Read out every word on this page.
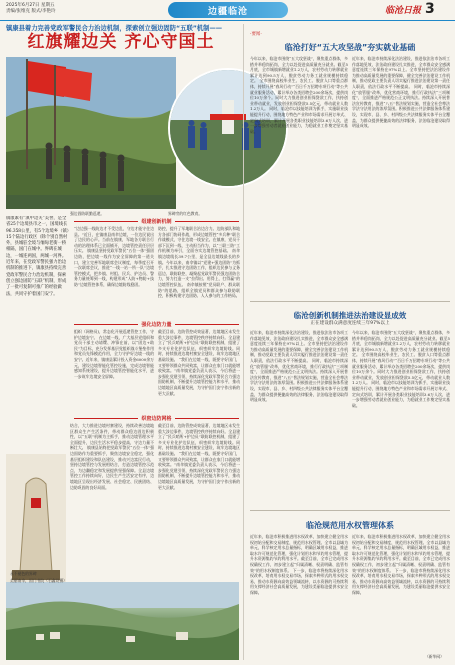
2025年6月27日 星期五
责编/张维克 版式/李艳玲	边疆临沧	临沧日报 3
镇康县着力完善党政军警民合力治边机制，探索创立强边固防“五联”机制——
红旗耀边关 齐心守国土
强边固防联勤巡逻。	界碑旁的红色教育。
镇康素有“滇中边关”美誉，是全省25个边境县市之一，国境线长96.358公里，有5个边境乡（镇）15个陆边行政区（除个别自然村外，县城驻全境与缅甸老街一桥相隔，国门在城中。界碑在城边，一城连两国，两城一河界。
近年来，在党政军警民强力治边机制的推进下，镇康县持续完善党政军警民合力治边机制，探索创立强边固防“五联”机制，形成了一批可复制可推广的经验做法，共同守护着国门安宁。
组建创新机制
“边边强一线防边才不受边乱，守边才能守住边县。”近日，在镇康县南伞边境，一位边民说出了边民的心声。当前在镇康，军地各方联合行动的治理体系已全面铺开，边境管控责任层层压实。 镇康县坚持党政军警民“五位一体”强固边防，把边境一线作为安全屏障的第一道关口，建立完善军地联席会议制度，每季度召开一次联席会议，推进“一线一站一所一队”边境管控模式，把乡镇、村组、民兵、护边员、警务力量统筹到一线，构建形成“人防+物防+技防”边境管控体系，确保边境防线稳固。
防控，提升了军地联合治边合力。边防部队和地方各部门协同作战，形成边境管控“多兵种”联合作战模式，守住边境一线安全。在镇康，党员干部下沉到一线、主动担当作为，以“三联三防”工作机制为牵引，全面夯实边境管控基础。 南伞镇边境线长39.7公里，是全县边境线最长的乡镇。今年以来，南伞镇以“党建+强边固防”为抓手，扎实推进守边固防工作，组织边民参与义务巡边、联防联控，凝聚起党政军警民强边固防合力，努力打造一支“拉得出、用得上、打得赢”的边境管控队伍。 南伞镇按照“党员联户、群众联防”的思路，组织全镇党员和群众参与联防联控，积极构建守边固防、人人参与的工作格局。
强化边防力量
组织（网格员)，常态化开展巡逻管控工作，守护边境安宁。 在边境一线，广大基层党组织和党员干部主动请缨、冲锋在前，以“固边+助民”为目标，充分发挥基层党组织战斗堡垒作用和党员先锋模范作用，全力守护好边境一线的安宁。近年来，镇康县累计投入资金6000余万元，建设边境智能化管控设施，完成边境智能感知系统建设，提升边境管控智能化水平，进一步筑牢边境安全屏障。
截至目前，边防管控成效显著，边境地区未发生重大涉边事件，边境管控秩序持续向好。全县建立了“民兵哨所+护边员”联防联控机制，组建了多支专业化护边队伍，织密织牢边境防线。同时，持续推进边境村寨安全建设，筑牢边境地区基础设施。 “我们在边境一线，既要守好国门，又要带领群众共同致富，让群众在家门口就能增收致富。”南伞镇党委负责人表示，今后将进一步强化党建引领，持续深化党政军警民合力强边固防机制，不断提升边境管控能力和水平，推动边境地区高质量发展，为守护国门安宁作出新的更大贡献。
织密边防网格
结合，大力推进边境村寨建设，持续改善边境地区群众生产生活条件，带动群众稳边固边积极性，以“五联”机制为主抓手，推动边境管理水平全面提升，边民生活水平稳步提高，守边力量不断壮大。 镇康县始终把党政军警民“五位一体”强边固防作为重要抓手，聚焦边境安全稳定，强化基层组织建设和队伍建设，推动兴边富民行动，坚持边境管控与发展相结合，打造边境管控示范点，为边疆稳定和发展提供坚强保障。全县边境管控工作持续向好，边民生产生活安定有序，边境地区呈现出经济发展、社会稳定、民族团结、边防巩固的良好局面。
截至目前，边防管控成效显著，边境地区未发生重大涉边事件，边境管控秩序持续向好。全县建立了“民兵哨所+护边员”联防联控机制，组建了多支专业化护边队伍，织密织牢边境防线。同时，持续推进边境村寨安全建设，筑牢边境地区基础设施。 “我们在边境一线，既要守好国门，又要带领群众共同致富，让群众在家门口就能增收致富。”南伞镇党委负责人表示，今后将进一步强化党建引领，持续深化党政军警民合力强边固防机制，不断提升边境管控能力和水平，推动边境地区高质量发展，为守护国门安宁作出新的更大贡献。
永不褪色的界碑
美丽南伞，国门书院（石鑫设摄）
·要闻·
临沧打好“五大攻坚战”夯实就业基础
今年以来，临沧市围绕“五大攻坚战”，聚焦重点群体，多措并举稳岗拓岗，全力以赴促进高质量充分就业。截至5月底，全市城镇新增就业1.2万人，农村劳动力转移就业累计达到90.5万人，脱贫劳动力务工就业规模持续稳定。 全市围绕高校毕业生、农民工、脱贫人口等重点群体，持续开展“春风行动”“百日千万招聘专项行动”等公共就业服务活动，累计举办各类招聘会200余场次，提供岗位10万余个。同时大力推进创业担保贷款工作，扶持创业带动就业，发放创业担保贷款5.5亿元，带动就业人数1.2万人。 同时，临沧市以技能培训为抓手，实施职业技能提升行动，围绕地方特色产业和市场需求开展订单式、定向式培训，累计开展各类职业技能培训3.6万人次，进一步增强劳动者就业创业能力，为稳就业工作奠定坚实基础。
近年来，临沧市持续深化法治建设，推进依法治市各项工作落地见效，法治政府建设扎实推进，全市群众安全感满意度连续三年保持在97%以上。全市坚持把法治建设作为推动高质量发展的重要保障，健全完善法治建设工作机制，推动党政主要负责人切实履行推进法治建设第一责任人职责，依法行政水平不断提高。 同时，临沧市持续深化“放管服”改革，优化营商环境，推行行政执法“三项制度”，全面推进严格规范公正文明执法。持续深入开展普法宣传教育，推进“八五”普法规划实施，营造全社会尊法学法守法用法的浓厚氛围。积极推进公共法律服务体系建设，实现市、县、乡、村四级公共法律服务实体平台全覆盖，为群众提供便捷高效的法律服务，法治临沧建设取得明显成效。
临沧创新机制推进法治建设显成效
正在建设群众满意度连续三年97%以上
近年来，临沧市持续深化法治建设，推进依法治市各项工作落地见效，法治政府建设扎实推进，全市群众安全感满意度连续三年保持在97%以上。全市坚持把法治建设作为推动高质量发展的重要保障，健全完善法治建设工作机制，推动党政主要负责人切实履行推进法治建设第一责任人职责，依法行政水平不断提高。 同时，临沧市持续深化“放管服”改革，优化营商环境，推行行政执法“三项制度”，全面推进严格规范公正文明执法。持续深入开展普法宣传教育，推进“八五”普法规划实施，营造全社会尊法学法守法用法的浓厚氛围。积极推进公共法律服务体系建设，实现市、县、乡、村四级公共法律服务实体平台全覆盖，为群众提供便捷高效的法律服务，法治临沧建设取得明显成效。
今年以来，临沧市围绕“五大攻坚战”，聚焦重点群体，多措并举稳岗拓岗，全力以赴促进高质量充分就业。截至5月底，全市城镇新增就业1.2万人，农村劳动力转移就业累计达到90.5万人，脱贫劳动力务工就业规模持续稳定。 全市围绕高校毕业生、农民工、脱贫人口等重点群体，持续开展“春风行动”“百日千万招聘专项行动”等公共就业服务活动，累计举办各类招聘会200余场次，提供岗位10万余个。同时大力推进创业担保贷款工作，扶持创业带动就业，发放创业担保贷款5.5亿元，带动就业人数1.2万人。 同时，临沧市以技能培训为抓手，实施职业技能提升行动，围绕地方特色产业和市场需求开展订单式、定向式培训，累计开展各类职业技能培训3.6万人次，进一步增强劳动者就业创业能力，为稳就业工作奠定坚实基础。
临沧规范用水权管理体系
近年来，临沧市积极推进用水权改革，加快建立健全用水权初始分配和交易制度，规范用水权管理。全市以县域为单元，科学核定用水总量指标，明确区域用水权益，推进取水许可规范化管理，强化计划用水和节约用水管理，提升水资源集约节约利用水平。截至目前，全市已完成用水权确权工作，初步建立起“归属清晰、权责明确、监管有效”的用水权制度体系。 下一步，临沧市将持续深化用水权改革，培育用水权交易市场，探索多种形式的用水权交易，推动水资源向高效益领域流转，以水资源的可持续利用支撑经济社会高质量发展，为建设美丽临沧提供水安全保障。
近年来，临沧市积极推进用水权改革，加快建立健全用水权初始分配和交易制度，规范用水权管理。全市以县域为单元，科学核定用水总量指标，明确区域用水权益，推进取水许可规范化管理，强化计划用水和节约用水管理，提升水资源集约节约利用水平。截至目前，全市已完成用水权确权工作，初步建立起“归属清晰、权责明确、监管有效”的用水权制度体系。 下一步，临沧市将持续深化用水权改革，培育用水权交易市场，探索多种形式的用水权交易，推动水资源向高效益领域流转，以水资源的可持续利用支撑经济社会高质量发展，为建设美丽临沧提供水安全保障。
（新华网）
